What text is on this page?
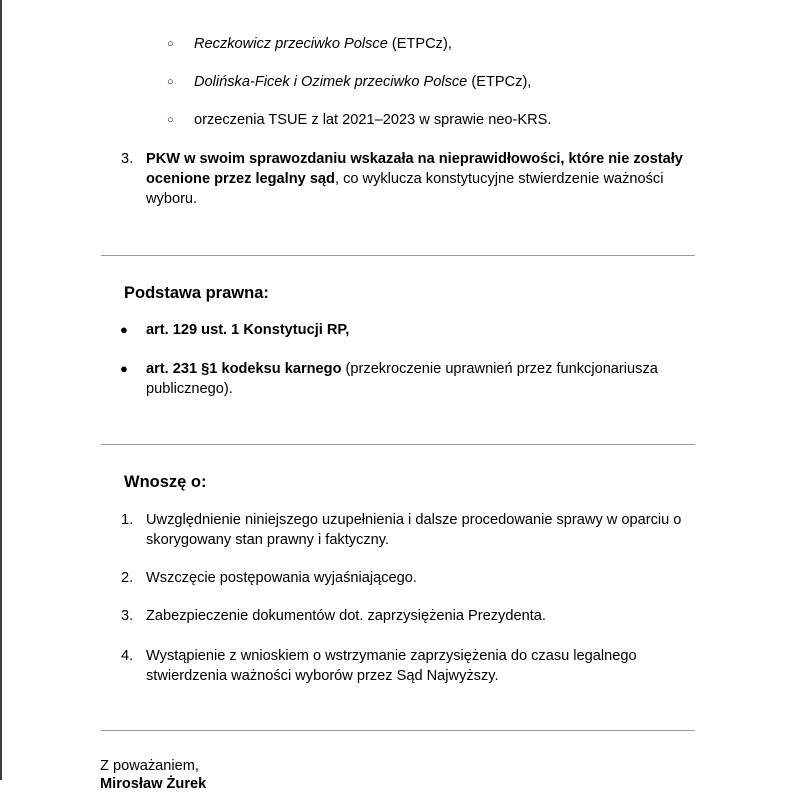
○	Reczkowicz przeciwko Polsce (ETPCz),
○	Dolińska-Ficek i Ozimek przeciwko Polsce (ETPCz),
○	orzeczenia TSUE z lat 2021–2023 w sprawie neo-KRS.
3. PKW w swoim sprawozdaniu wskazała na nieprawidłowości, które nie zostały
ocenione przez legalny sąd, co wyklucza konstytucyjne stwierdzenie ważności
wyboru.
Podstawa prawna:
● art. 129 ust. 1 Konstytucji RP,
● art. 231 §1 kodeksu karnego (przekroczenie uprawnień przez funkcjonariusza
publicznego).
Wnoszę o:
1. Uwzględnienie niniejszego uzupełnienia i dalsze procedowanie sprawy w oparciu o
skorygowany stan prawny i faktyczny.
2. Wszczęcie postępowania wyjaśniającego.
3. Zabezpieczenie dokumentów dot. zaprzysiężenia Prezydenta.
4. Wystąpienie z wnioskiem o wstrzymanie zaprzysiężenia do czasu legalnego
stwierdzenia ważności wyborów przez Sąd Najwyższy.
Z poważaniem,
Mirosław Żurek
